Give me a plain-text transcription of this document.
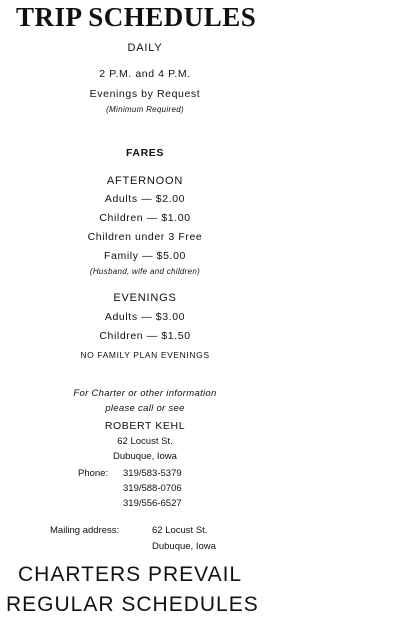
TRIP SCHEDULES
DAILY
2 P.M. and 4 P.M.
Evenings by Request
(Minimum Required)
FARES
AFTERNOON
Adults — $2.00
Children — $1.00
Children under 3 Free
Family — $5.00
(Husband, wife and children)
EVENINGS
Adults — $3.00
Children — $1.50
NO FAMILY PLAN EVENINGS
For Charter or other information
please call or see
ROBERT KEHL
62 Locust St.
Dubuque, Iowa
Phone: 319/583-5379
319/588-0706
319/556-6527
Mailing address:	62 Locust St.
Dubuque, Iowa
CHARTERS PREVAIL
REGULAR SCHEDULES
